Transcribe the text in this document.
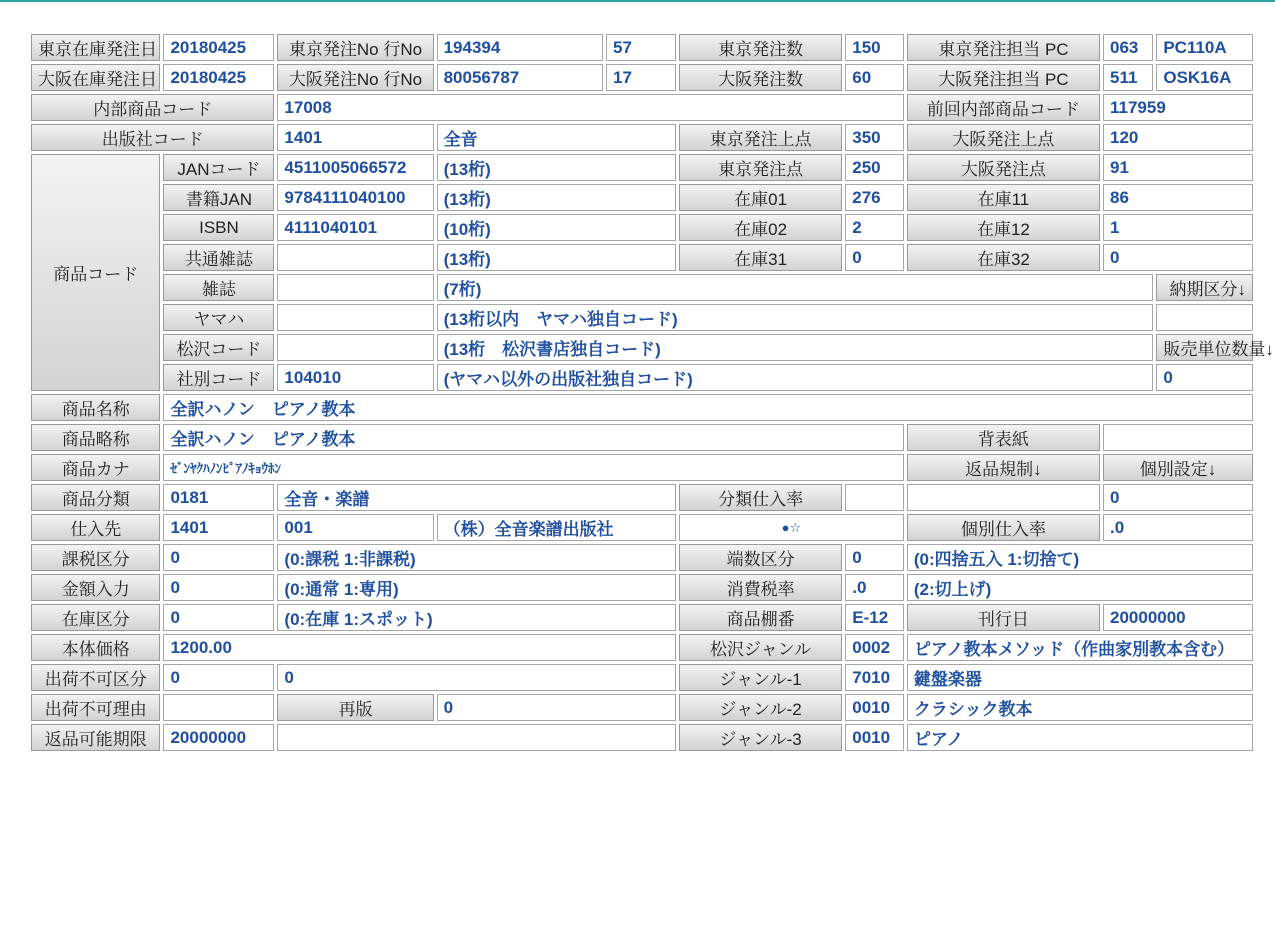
東京在庫発注日	20180425	東京発注No 行No	194394	57	東京発注数	150	東京発注担当 PC	063	PC110A
大阪在庫発注日	20180425	大阪発注No 行No	80056787	17	大阪発注数	60	大阪発注担当 PC	511	OSK16A
内部商品コード		17008					前回内部商品コード	117959	
出版社コード		1401	全音		東京発注上点	350	大阪発注上点	120	
商品コード	JANコード	4511005066572	(13桁)		東京発注点	250	大阪発注点	91	
	書籍JAN	9784111040100	(13桁)		在庫01	276	在庫11	86	
	ISBN	4111040101	(10桁)		在庫02	2	在庫12	1	
	共通雑誌		(13桁)		在庫31	0	在庫32	0	
	雑誌		(7桁)						納期区分↓
	ヤマハ		(13桁以内　ヤマハ独自コード)						
	松沢コード		(13桁　松沢書店独自コード)						販売単位数量↓
	社別コード	104010	(ヤマハ以外の出版社独自コード)						0
商品名称	全訳ハノン　ピアノ教本								
商品略称	全訳ハノン　ピアノ教本						背表紙		
商品カナ	ｾﾞﾝﾔｸﾊﾉﾝﾋﾟｱﾉｷｮｳﾎﾝ						返品規制↓	個別設定↓	
商品分類	0181	全音・楽譜			分類仕入率			0	
仕入先	1401	001	（株）全音楽譜出版社		●☆		個別仕入率	.0	
課税区分	0	(0:課税 1:非課税)			端数区分	0	(0:四捨五入 1:切捨て)		
金額入力	0	(0:通常 1:専用)			消費税率	.0	(2:切上げ)		
在庫区分	0	(0:在庫 1:スポット)			商品棚番	E-12	刊行日	20000000	
本体価格	1200.00				松沢ジャンル	0002	ピアノ教本メソッド（作曲家別教本含む）		
出荷不可区分	0	0			ジャンル-1	7010	鍵盤楽器		
出荷不可理由		再版	0		ジャンル-2	0010	クラシック教本		
返品可能期限	20000000				ジャンル-3	0010	ピアノ		
